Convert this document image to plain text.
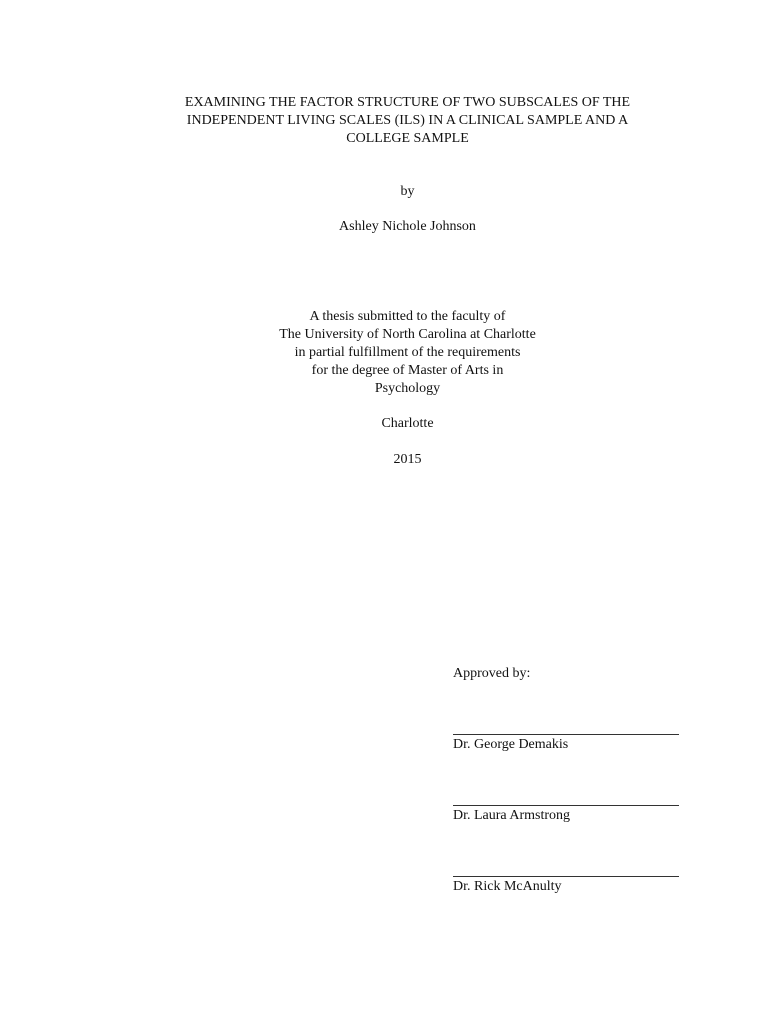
EXAMINING THE FACTOR STRUCTURE OF TWO SUBSCALES OF THE
INDEPENDENT LIVING SCALES (ILS) IN A CLINICAL SAMPLE AND A
COLLEGE SAMPLE
by
Ashley Nichole Johnson
A thesis submitted to the faculty of
The University of North Carolina at Charlotte
in partial fulfillment of the requirements
for the degree of Master of Arts in
Psychology
Charlotte
2015
Approved by:
Dr. George Demakis
Dr. Laura Armstrong
Dr. Rick McAnulty
